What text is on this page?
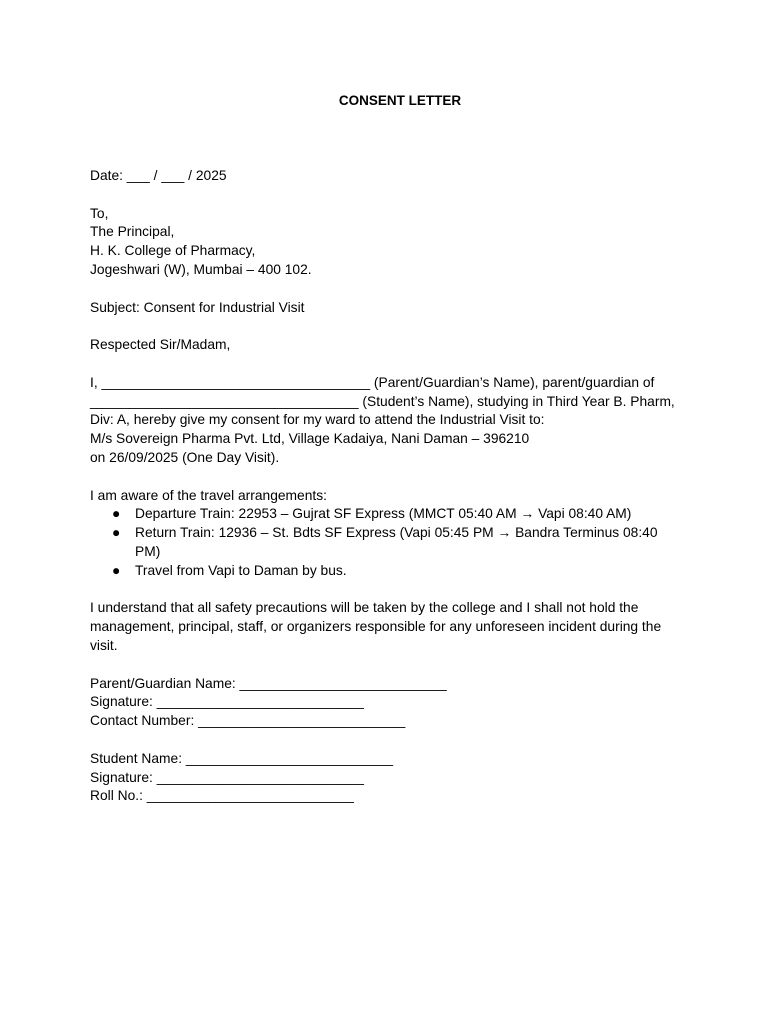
CONSENT LETTER

Date: ___ / ___ / 2025

To,

The Principal,

H. K. College of Pharmacy,

Jogeshwari (W), Mumbai – 400 102.

Subject: Consent for Industrial Visit

Respected Sir/Madam,

I, ___________________________________ (Parent/Guardian’s Name), parent/guardian of

___________________________________ (Student’s Name), studying in Third Year B. Pharm,

Div: A, hereby give my consent for my ward to attend the Industrial Visit to:

M/s Sovereign Pharma Pvt. Ltd, Village Kadaiya, Nani Daman – 396210

on 26/09/2025 (One Day Visit).

I am aware of the travel arrangements:

● Departure Train: 22953 – Gujrat SF Express (MMCT 05:40 AM → Vapi 08:40 AM)
● Return Train: 12936 – St. Bdts SF Express (Vapi 05:45 PM → Bandra Terminus 08:40
PM)
● Travel from Vapi to Daman by bus.

I understand that all safety precautions will be taken by the college and I shall not hold the

management, principal, staff, or organizers responsible for any unforeseen incident during the

visit.

Parent/Guardian Name: ___________________________

Signature: ___________________________

Contact Number: ___________________________

Student Name: ___________________________

Signature: ___________________________

Roll No.: ___________________________
